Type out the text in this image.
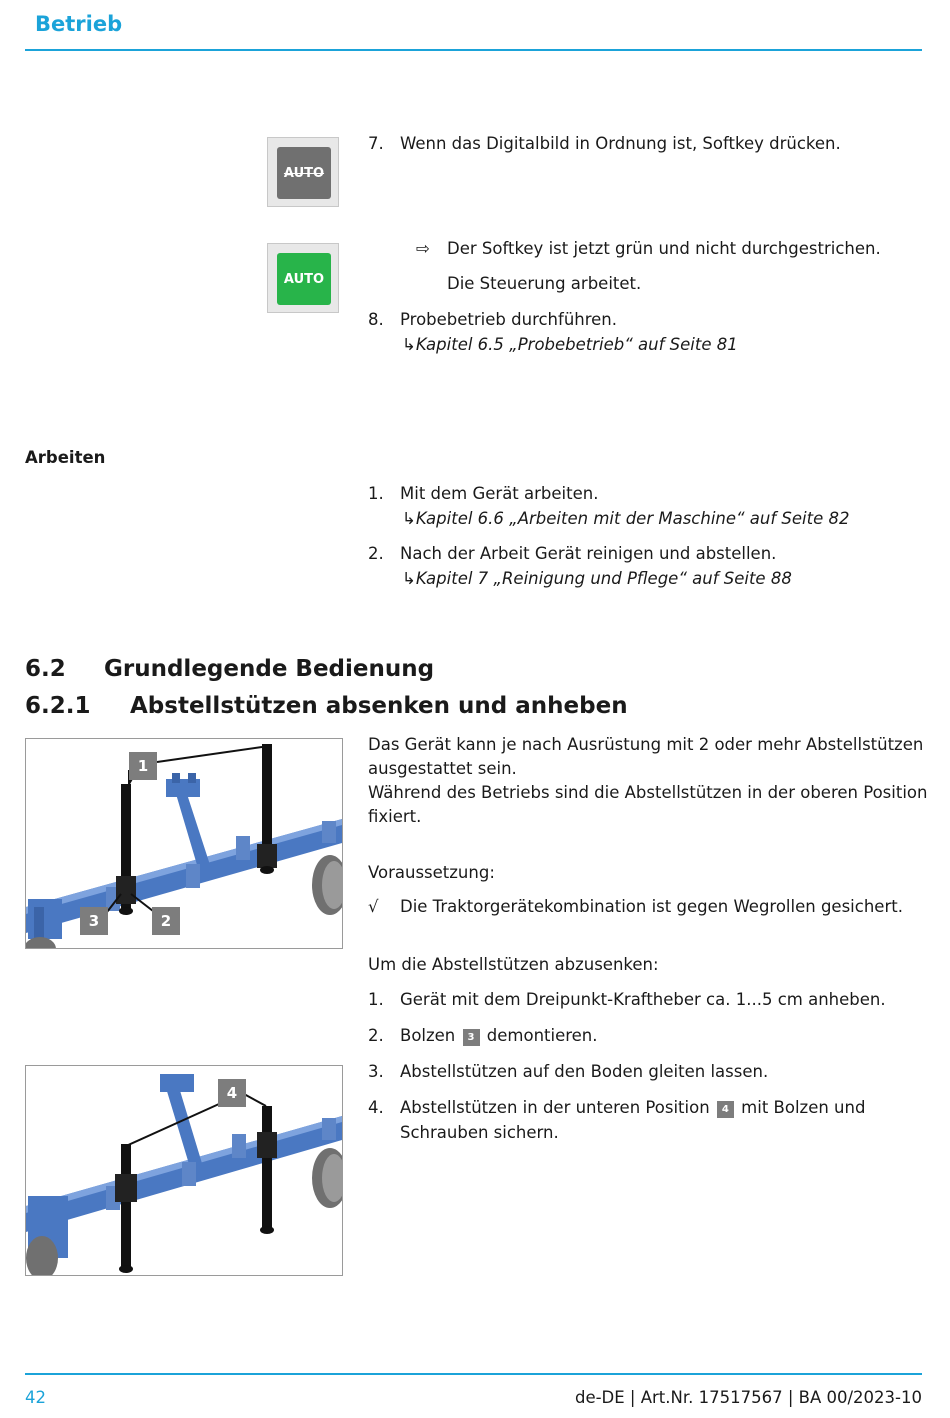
Betrieb
AUTO
AUTO
7. Wenn das Digitalbild in Ordnung ist, Softkey drücken.
⇨ Der Softkey ist jetzt grün und nicht durchgestrichen.
Die Steuerung arbeitet.
8. Probebetrieb durchführen.
↳Kapitel 6.5 „Probebetrieb“ auf Seite 81
Arbeiten
1. Mit dem Gerät arbeiten.
↳Kapitel 6.6 „Arbeiten mit der Maschine“ auf Seite 82
2. Nach der Arbeit Gerät reinigen und abstellen.
↳Kapitel 7 „Reinigung und Pflege“ auf Seite 88
6.2 Grundlegende Bedienung
6.2.1 Abstellstützen absenken und anheben
1
3	2
4
Das Gerät kann je nach Ausrüstung mit 2 oder mehr Abstellstützen
ausgestattet sein.
Während des Betriebs sind die Abstellstützen in der oberen Position
fixiert.
Voraussetzung:
√ Die Traktorgerätekombination ist gegen Wegrollen gesichert.
Um die Abstellstützen abzusenken:
1. Gerät mit dem Dreipunkt-Kraftheber ca. 1...5 cm anheben.
2. Bolzen 3 demontieren.
3. Abstellstützen auf den Boden gleiten lassen.
4. Abstellstützen in der unteren Position 4 mit Bolzen und
Schrauben sichern.
42	de-DE | Art.Nr. 17517567 | BA 00/2023-10
